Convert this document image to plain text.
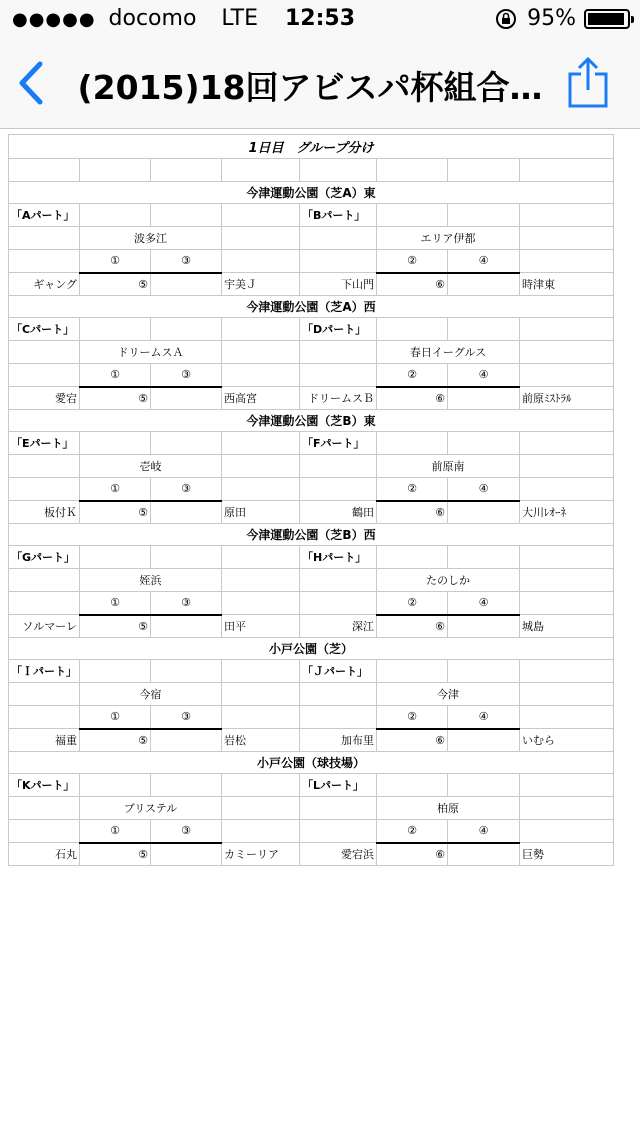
●●●●● docomo LTE	12:53	95%
(2015)18回アビスパ杯組合…
1日目　グループ分け							

今津運動公園（芝A）東							
「Aパート」				「Bパート」			
	波多江				エリア伊都		
	①	③			②	④	
ギャング	⑤		宇美Ｊ	下山門	⑥		時津東
今津運動公園（芝A）西							
「Cパート」				「Dパート」			
	ドリームスＡ				春日イーグルス		
	①	③			②	④	
愛宕	⑤		西高宮	ドリームスＢ	⑥		前原ﾐｽﾄﾗﾙ
今津運動公園（芝B）東							
「Eパート」				「Fパート」			
	壱岐				前原南		
	①	③			②	④	
板付Ｋ	⑤		原田	鶴田	⑥		大川ﾚｵｰﾈ
今津運動公園（芝B）西							
「Gパート」				「Hパート」			
	姪浜				たのしか		
	①	③			②	④	
ソルマーレ	⑤		田平	深江	⑥		城島
小戸公園（芝）							
「Ｉパート」				「Ｊパート」			
	今宿				今津		
	①	③			②	④	
福重	⑤		岩松	加布里	⑥		いむら
小戸公園（球技場）							
「Kパート」				「Lパート」			
	ブリステル				柏原		
	①	③			②	④	
石丸	⑤		カミーリア	愛宕浜	⑥		巨勢
